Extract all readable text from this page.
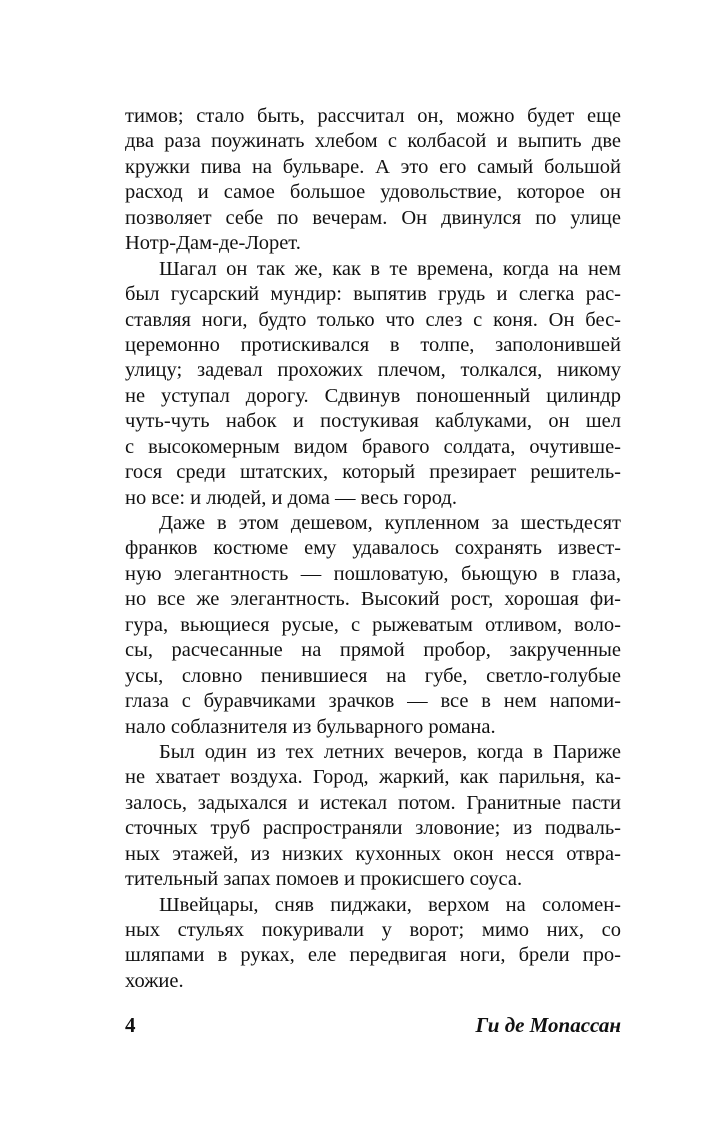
тимов; стало быть, рассчитал он, можно будет еще
два раза поужинать хлебом с колбасой и выпить две
кружки пива на бульваре. А это его самый большой
расход и самое большое удовольствие, которое он
позволяет себе по вечерам. Он двинулся по улице
Нотр-Дам-де-Лорет.
Шагал он так же, как в те времена, когда на нем
был гусарский мундир: выпятив грудь и слегка рас-
ставляя ноги, будто только что слез с коня. Он бес-
церемонно протискивался в толпе, заполонившей
улицу; задевал прохожих плечом, толкался, никому
не уступал дорогу. Сдвинув поношенный цилиндр
чуть-чуть набок и постукивая каблуками, он шел
с высокомерным видом бравого солдата, очутивше-
гося среди штатских, который презирает решитель-
но все: и людей, и дома — весь город.
Даже в этом дешевом, купленном за шестьдесят
франков костюме ему удавалось сохранять извест-
ную элегантность — пошловатую, бьющую в глаза,
но все же элегантность. Высокий рост, хорошая фи-
гура, вьющиеся русые, с рыжеватым отливом, воло-
сы, расчесанные на прямой пробор, закрученные
усы, словно пенившиеся на губе, светло-голубые
глаза с буравчиками зрачков — все в нем напоми-
нало соблазнителя из бульварного романа.
Был один из тех летних вечеров, когда в Париже
не хватает воздуха. Город, жаркий, как парильня, ка-
залось, задыхался и истекал потом. Гранитные пасти
сточных труб распространяли зловоние; из подваль-
ных этажей, из низких кухонных окон несся отвра-
тительный запах помоев и прокисшего соуса.
Швейцары, сняв пиджаки, верхом на соломен-
ных стульях покуривали у ворот; мимо них, со
шляпами в руках, еле передвигая ноги, брели про-
хожие.
4	Ги де Мопассан
